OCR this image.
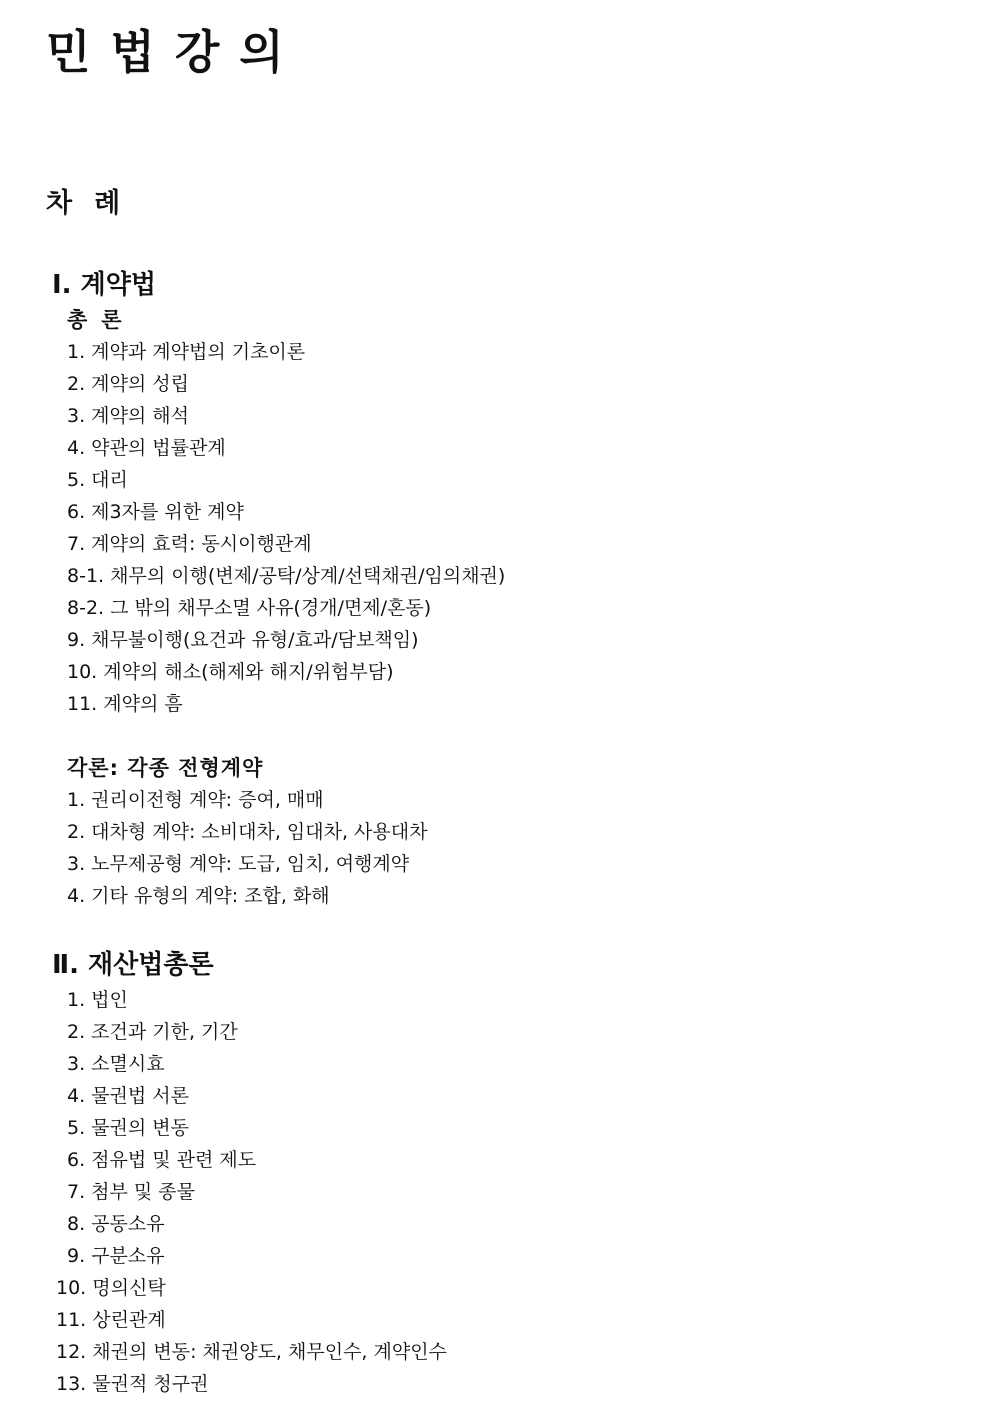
민법강의
차례
Ⅰ. 계약법
총론
1. 계약과 계약법의 기초이론
2. 계약의 성립
3. 계약의 해석
4. 약관의 법률관계
5. 대리
6. 제3자를 위한 계약
7. 계약의 효력: 동시이행관계
8-1. 채무의 이행(변제/공탁/상계/선택채권/임의채권)
8-2. 그 밖의 채무소멸 사유(경개/면제/혼동)
9. 채무불이행(요건과 유형/효과/담보책임)
10. 계약의 해소(해제와 해지/위험부담)
11. 계약의 흠
각론: 각종 전형계약
1. 권리이전형 계약: 증여, 매매
2. 대차형 계약: 소비대차, 임대차, 사용대차
3. 노무제공형 계약: 도급, 임치, 여행계약
4. 기타 유형의 계약: 조합, 화해
Ⅱ. 재산법총론
1. 법인
2. 조건과 기한, 기간
3. 소멸시효
4. 물권법 서론
5. 물권의 변동
6. 점유법 및 관련 제도
7. 첨부 및 종물
8. 공동소유
9. 구분소유
10. 명의신탁
11. 상린관계
12. 채권의 변동: 채권양도, 채무인수, 계약인수
13. 물권적 청구권
